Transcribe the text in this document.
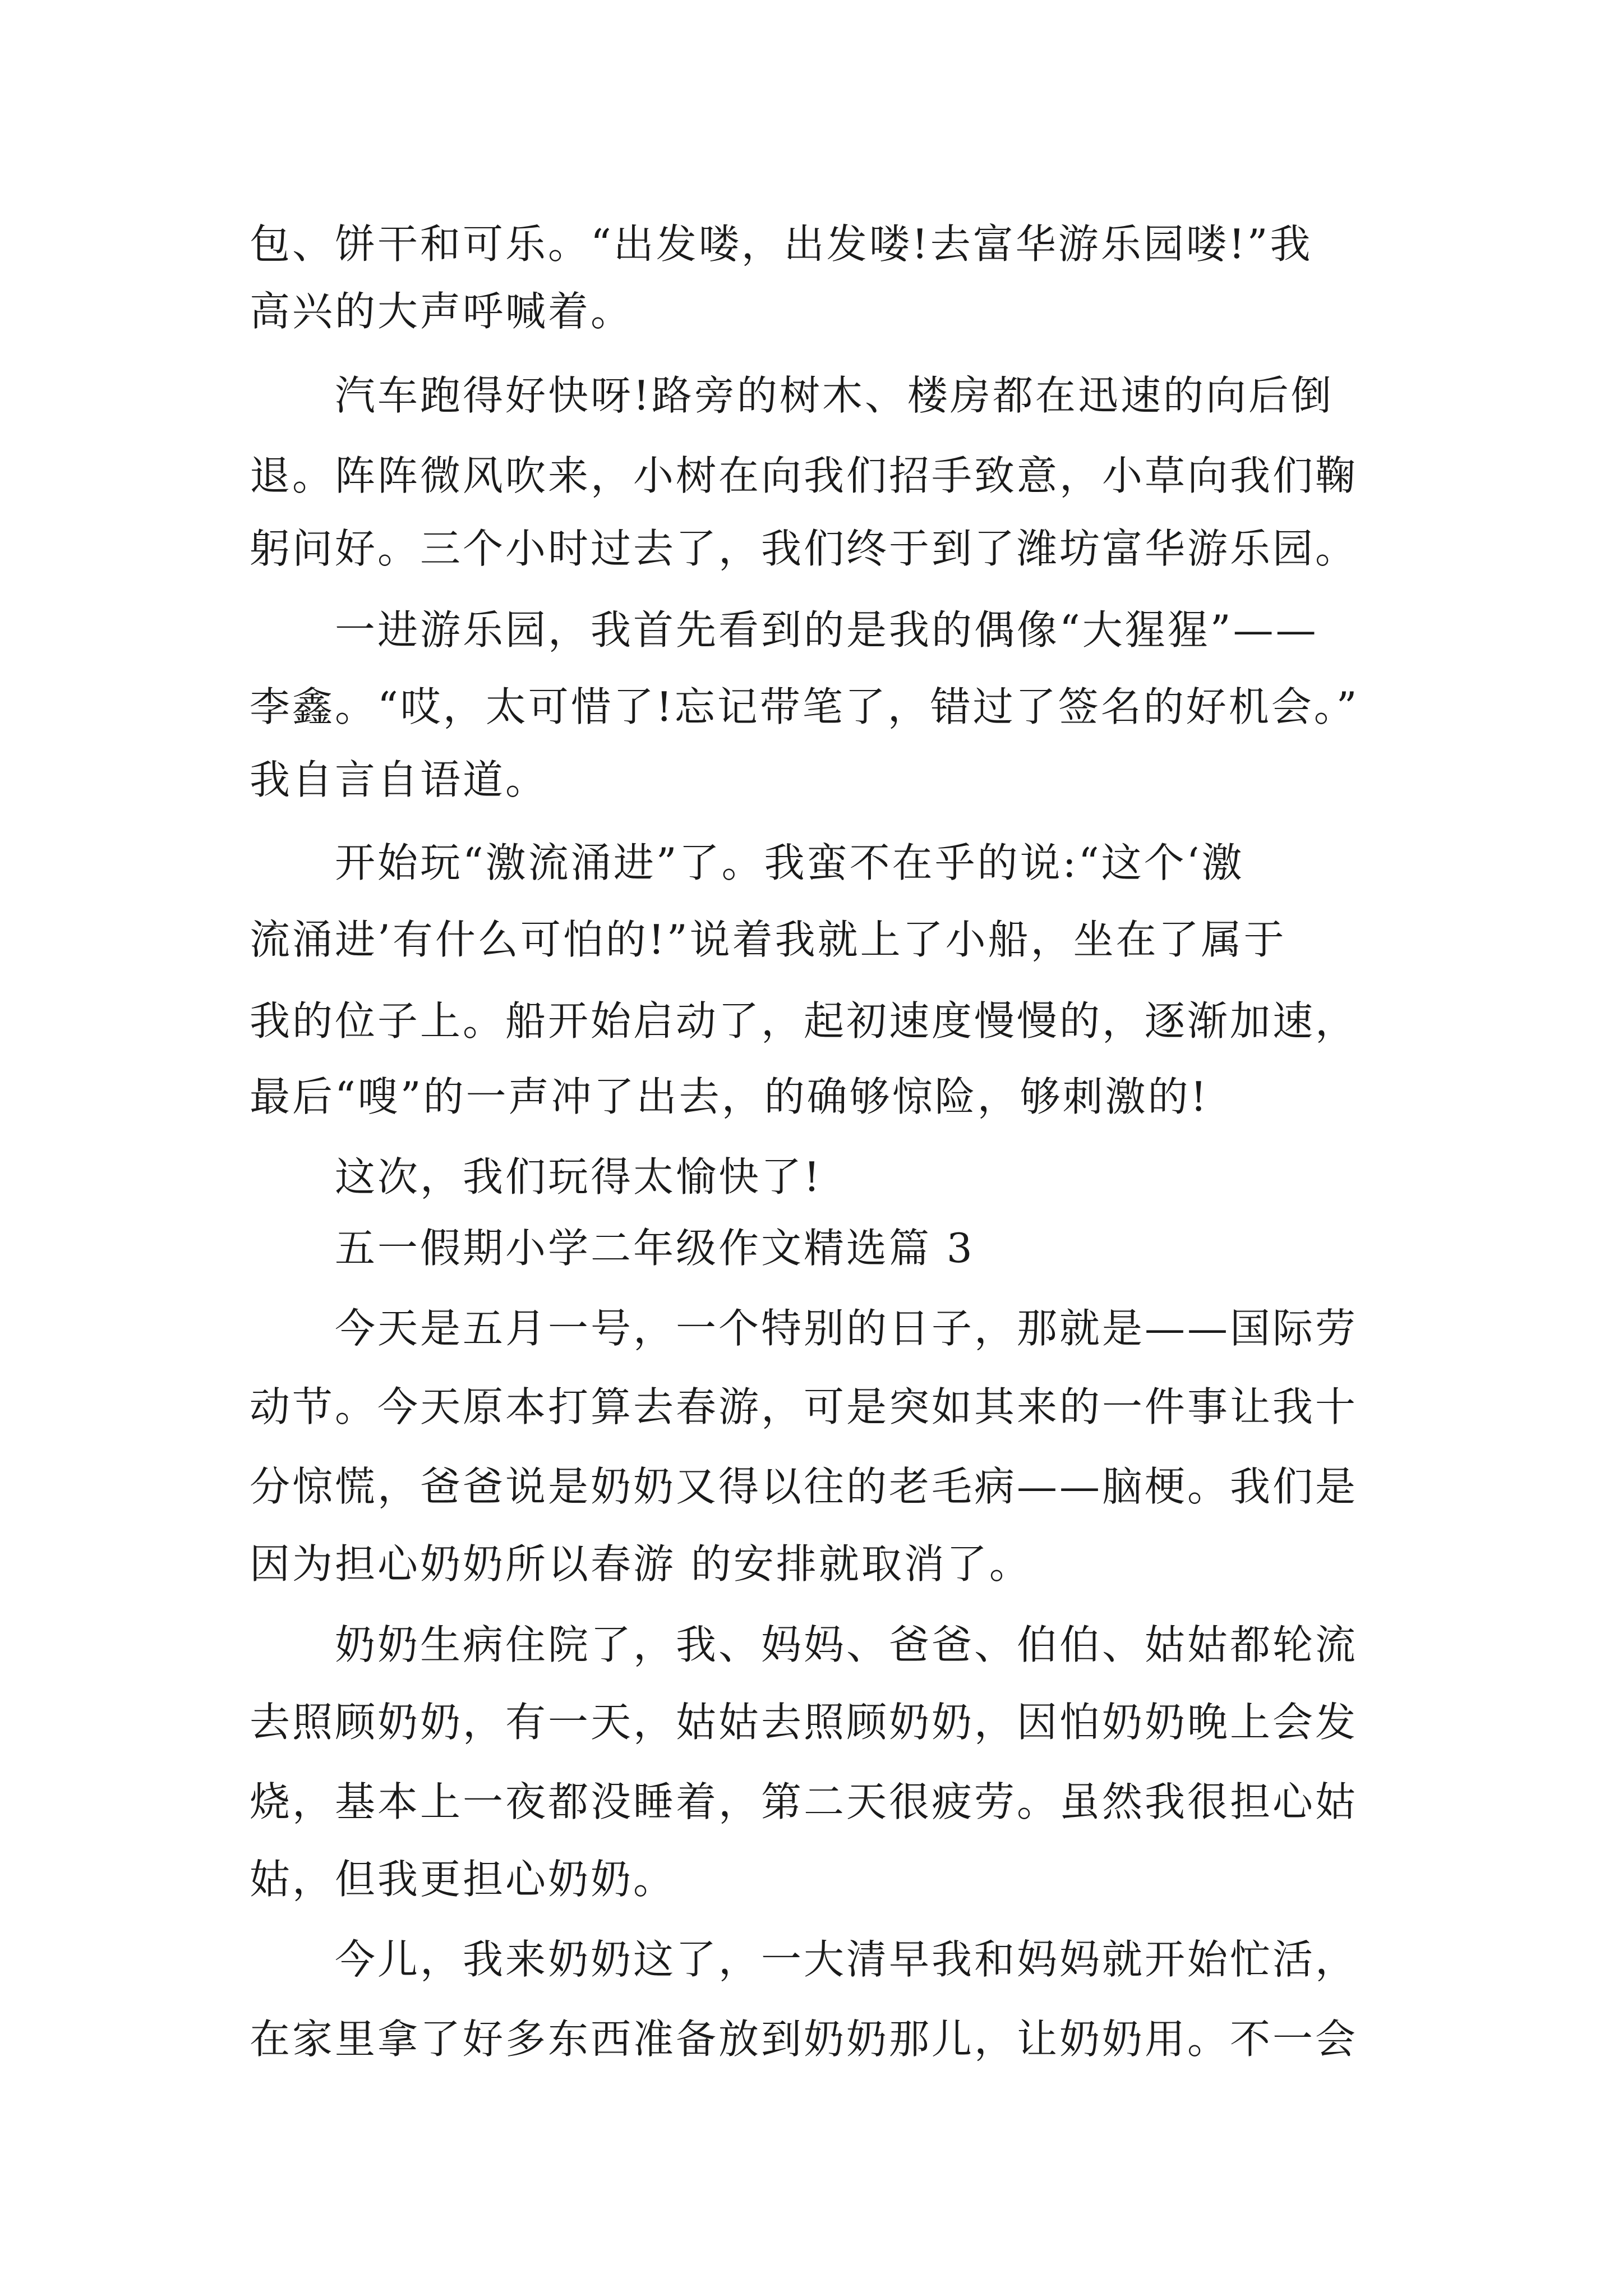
包、饼干和可乐。“出发喽，出发喽!去富华游乐园喽!”我
高兴的大声呼喊着。
汽车跑得好快呀!路旁的树木、楼房都在迅速的向后倒
退。阵阵微风吹来，小树在向我们招手致意，小草向我们鞠
躬问好。三个小时过去了，我们终于到了潍坊富华游乐园。
一进游乐园，我首先看到的是我的偶像“大猩猩”——
李鑫。“哎，太可惜了!忘记带笔了，错过了签名的好机会。”
我自言自语道。
开始玩“激流涌进”了。我蛮不在乎的说:“这个‘激
流涌进’有什么可怕的!”说着我就上了小船，坐在了属于
我的位子上。船开始启动了，起初速度慢慢的，逐渐加速，
最后“嗖”的一声冲了出去，的确够惊险，够刺激的!
这次，我们玩得太愉快了!
五一假期小学二年级作文精选篇 3
今天是五月一号，一个特别的日子，那就是——国际劳
动节。今天原本打算去春游，可是突如其来的一件事让我十
分惊慌，爸爸说是奶奶又得以往的老毛病——脑梗。我们是
因为担心奶奶所以春游 的安排就取消了。
奶奶生病住院了，我、妈妈、爸爸、伯伯、姑姑都轮流
去照顾奶奶，有一天，姑姑去照顾奶奶，因怕奶奶晚上会发
烧，基本上一夜都没睡着，第二天很疲劳。虽然我很担心姑
姑，但我更担心奶奶。
今儿，我来奶奶这了，一大清早我和妈妈就开始忙活，
在家里拿了好多东西准备放到奶奶那儿，让奶奶用。不一会
